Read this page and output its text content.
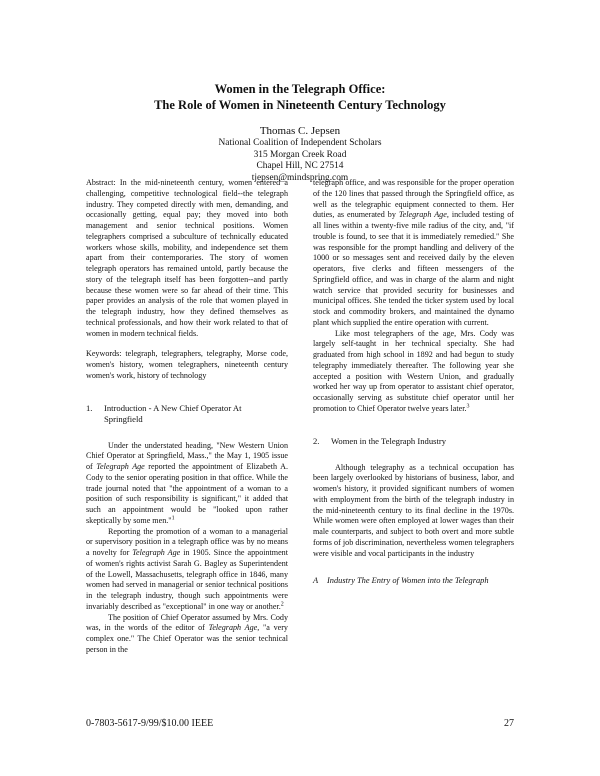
Women in the Telegraph Office:
The Role of Women in Nineteenth Century Technology
Thomas C. Jepsen
National Coalition of Independent Scholars
315 Morgan Creek Road
Chapel Hill, NC 27514
tjepsen@mindspring.com

Abstract: In the mid-nineteenth century, women entered a challenging, competitive technological field--the telegraph industry. They competed directly with men, demanding, and occasionally getting, equal pay; they moved into both management and senior technical positions. Women telegraphers comprised a subculture of technically educated workers whose skills, mobility, and independence set them apart from their contemporaries. The story of women telegraph operators has remained untold, partly because the story of the telegraph itself has been forgotten--and partly because these women were so far ahead of their time. This paper provides an analysis of the role that women played in the telegraph industry, how they defined themselves as technical professionals, and how their work related to that of women in modern technical fields.

Keywords: telegraph, telegraphers, telegraphy, Morse code, women's history, women telegraphers, nineteenth century women's work, history of technology

1. Introduction - A New Chief Operator At
Springfield

Under the understated heading, "New Western Union Chief Operator at Springfield, Mass.," the May 1, 1905 issue of Telegraph Age reported the appointment of Elizabeth A. Cody to the senior operating position in that office. While the trade journal noted that "the appointment of a woman to a position of such responsibility is significant," it added that such an appointment would be "looked upon rather skeptically by some men."$^1$

Reporting the promotion of a woman to a managerial or supervisory position in a telegraph office was by no means a novelty for Telegraph Age in 1905. Since the appointment of women's rights activist Sarah G. Bagley as Superintendent of the Lowell, Massachusetts, telegraph office in 1846, many women had served in managerial or senior technical positions in the telegraph industry, though such appointments were invariably described as "exceptional" in one way or another.$^2$

The position of Chief Operator assumed by Mrs. Cody was, in the words of the editor of Telegraph Age, "a very complex one." The Chief Operator was the senior technical person in the

telegraph office, and was responsible for the proper operation of the 120 lines that passed through the Springfield office, as well as the telegraphic equipment connected to them. Her duties, as enumerated by Telegraph Age, included testing of all lines within a twenty-five mile radius of the city, and, "if trouble is found, to see that it is immediately remedied." She was responsible for the prompt handling and delivery of the 1000 or so messages sent and received daily by the eleven operators, five clerks and fifteen messengers of the Springfield office, and was in charge of the alarm and night watch service that provided security for businesses and municipal offices. She tended the ticker system used by local stock and commodity brokers, and maintained the dynamo plant which supplied the entire operation with current.

Like most telegraphers of the age, Mrs. Cody was largely self-taught in her technical specialty. She had graduated from high school in 1892 and had begun to study telegraphy immediately thereafter. The following year she accepted a position with Western Union, and gradually worked her way up from operator to assistant chief operator, occasionally serving as substitute chief operator until her promotion to Chief Operator twelve years later.$^3$

2. Women in the Telegraph Industry

Although telegraphy as a technical occupation has been largely overlooked by historians of business, labor, and women's history, it provided significant numbers of women with employment from the birth of the telegraph industry in the mid-nineteenth century to its final decline in the 1970s. While women were often employed at lower wages than their male counterparts, and subject to both overt and more subtle forms of job discrimination, nevertheless women telegraphers were visible and vocal participants in the industry

A Industry The Entry of Women into the Telegraph
0-7803-5617-9/99/$10.00 IEEE	27
